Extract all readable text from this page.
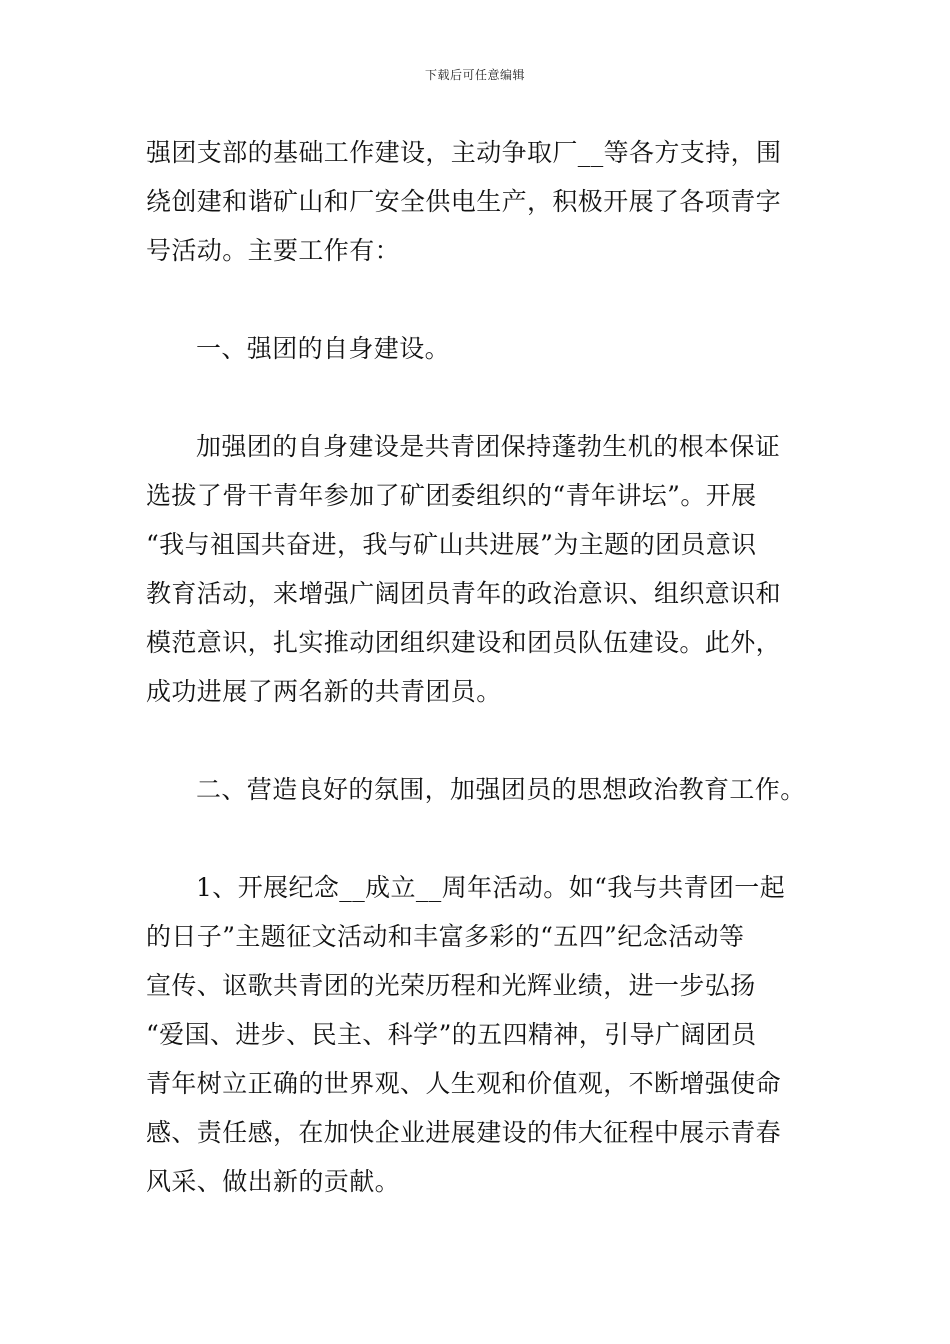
下载后可任意编辑
强团支部的基础工作建设，主动争取厂__等各方支持，围
绕创建和谐矿山和厂安全供电生产，积极开展了各项青字
号活动。主要工作有：
一、强团的自身建设。
加强团的自身建设是共青团保持蓬勃生机的根本保证
选拔了骨干青年参加了矿团委组织的“青年讲坛”。开展
“我与祖国共奋进，我与矿山共进展”为主题的团员意识
教育活动，来增强广阔团员青年的政治意识、组织意识和
模范意识，扎实推动团组织建设和团员队伍建设。此外，
成功进展了两名新的共青团员。
二、营造良好的氛围，加强团员的思想政治教育工作。
1、开展纪念__成立__周年活动。如“我与共青团一起
的日子”主题征文活动和丰富多彩的“五四”纪念活动等
宣传、讴歌共青团的光荣历程和光辉业绩，进一步弘扬
“爱国、进步、民主、科学”的五四精神，引导广阔团员
青年树立正确的世界观、人生观和价值观，不断增强使命
感、责任感，在加快企业进展建设的伟大征程中展示青春
风采、做出新的贡献。
